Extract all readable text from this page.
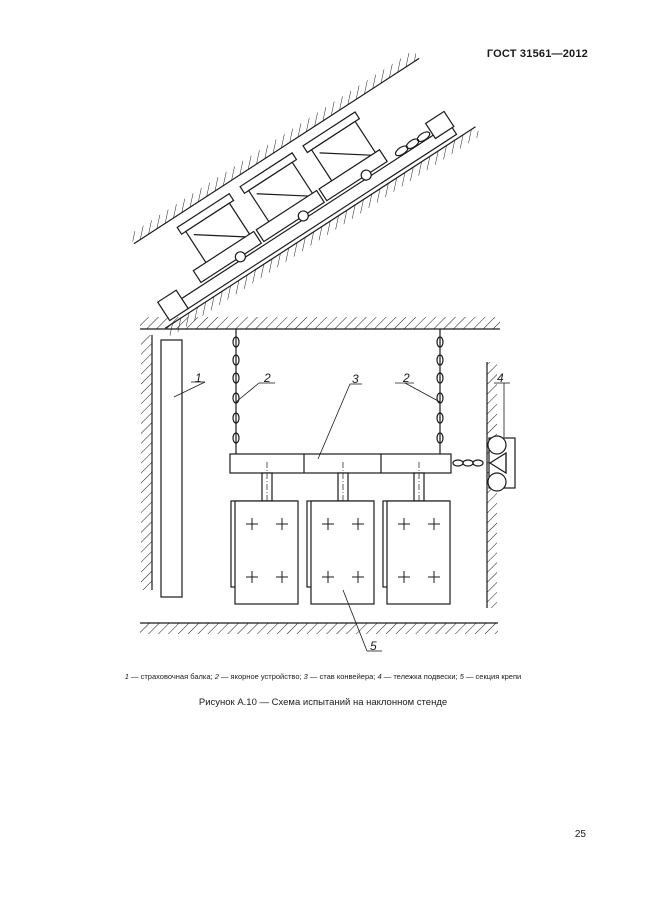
ГОСТ 31561—2012
1	2	3	2	4
5
1 — страховочная балка; 2 — якорное устройство; 3 — став конвейера; 4 — тележка подвески; 5 — секция крепи
Рисунок А.10 — Схема испытаний на наклонном стенде
25
